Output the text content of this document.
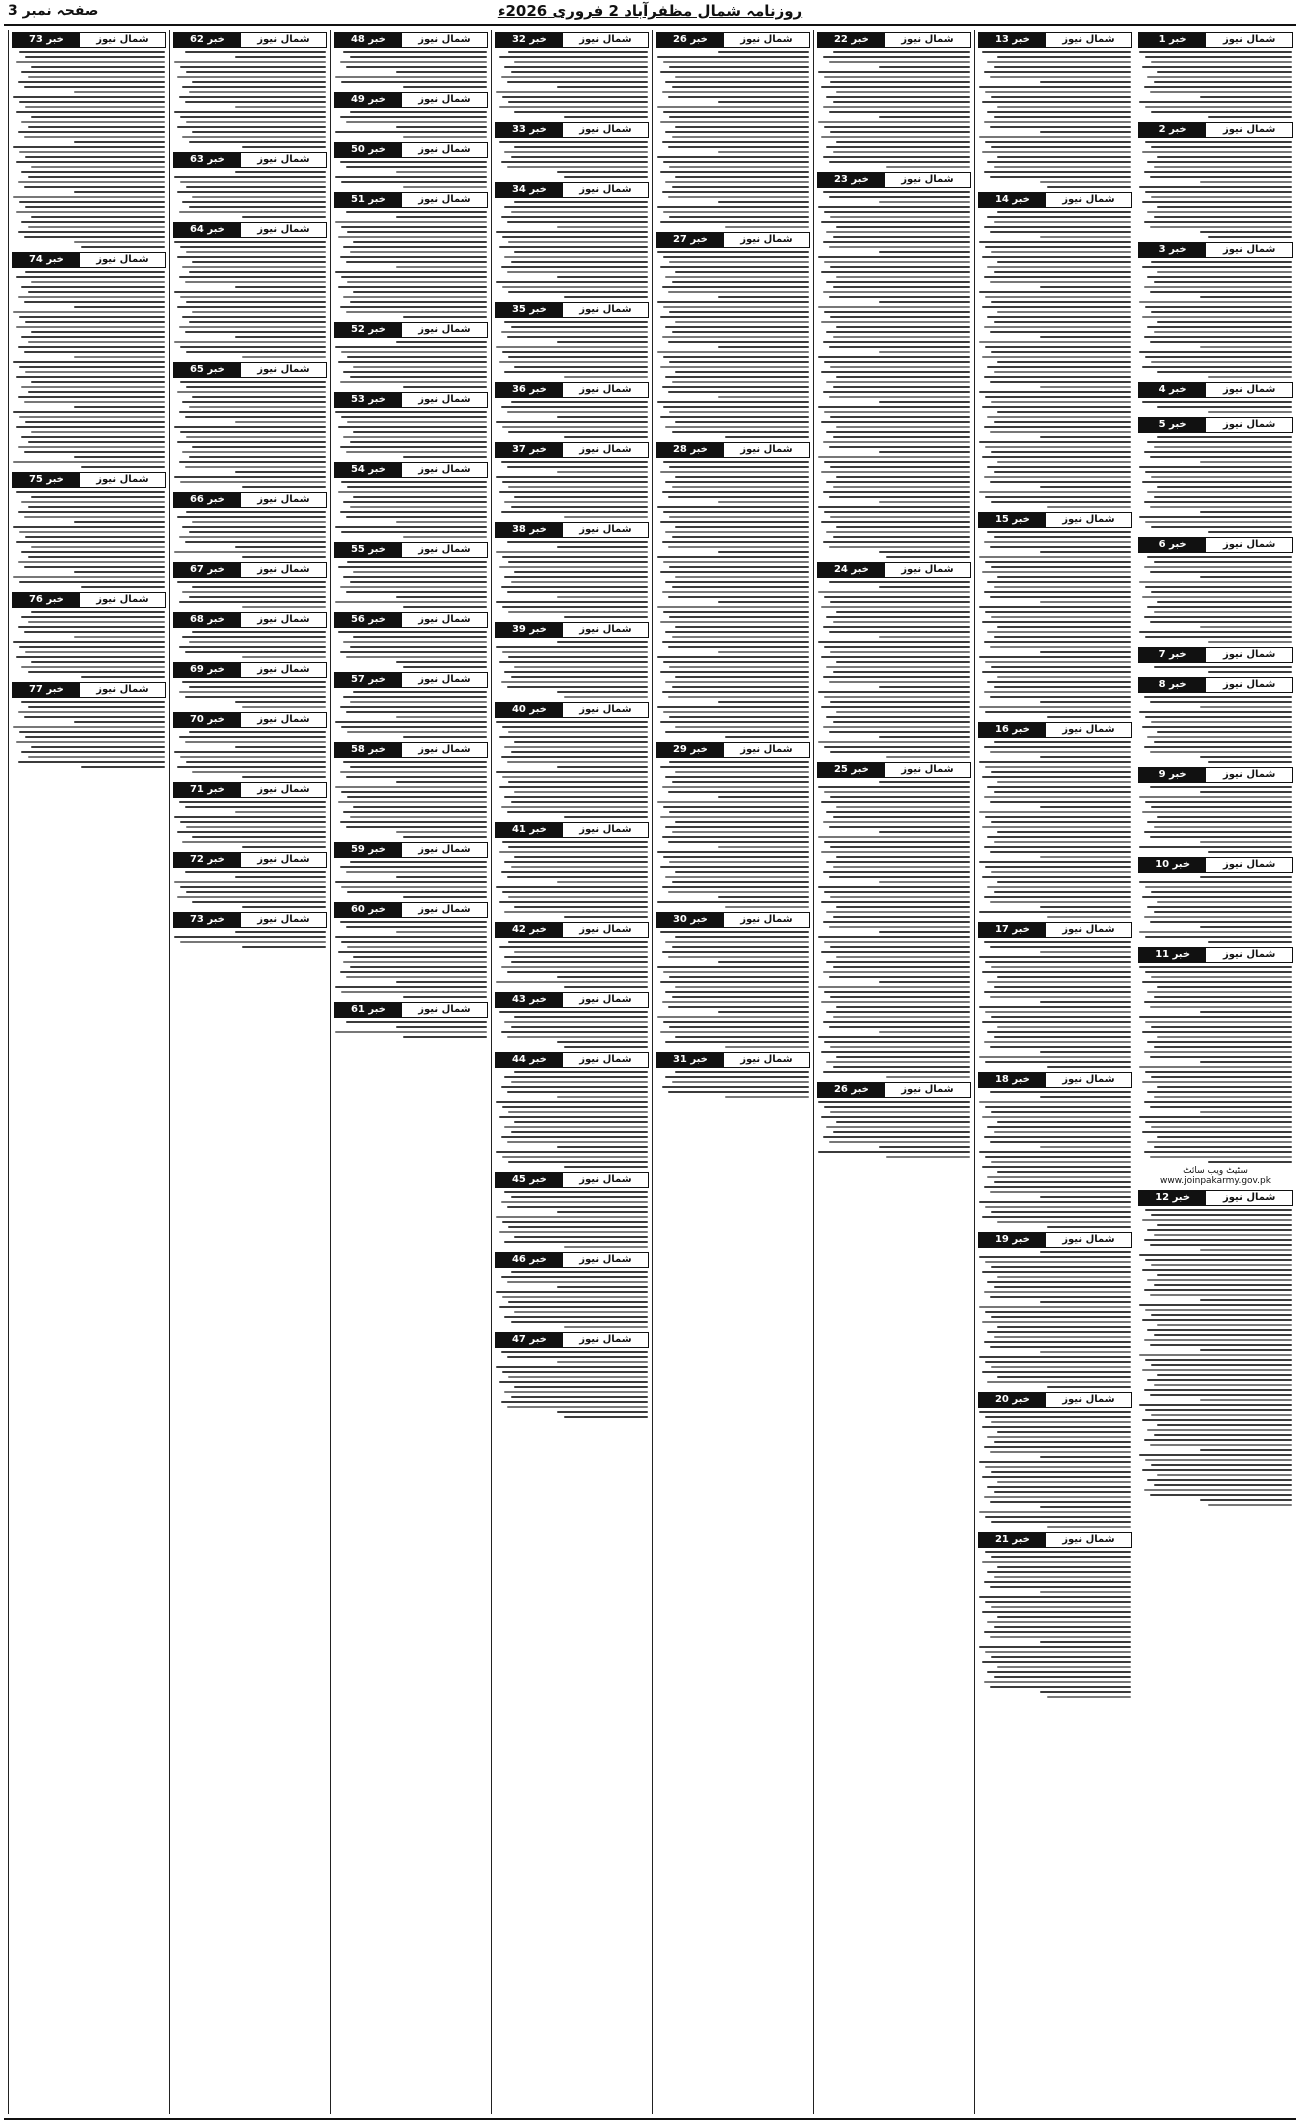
صفحہ نمبر 3	روزنامہ شمال مظفرآباد 2 فروری 2026ء
خبر 1	شمال نیوز
خبر 2	شمال نیوز
خبر 3	شمال نیوز
خبر 4	شمال نیوز
خبر 5	شمال نیوز
خبر 6	شمال نیوز
خبر 7	شمال نیوز
خبر 8	شمال نیوز
خبر 9	شمال نیوز
خبر 10	شمال نیوز
خبر 11	شمال نیوز
سٹیٹ ویب سائٹ www.joinpakarmy.gov.pk
خبر 12	شمال نیوز
خبر 13	شمال نیوز
خبر 14	شمال نیوز
خبر 15	شمال نیوز
خبر 16	شمال نیوز
خبر 17	شمال نیوز
خبر 18	شمال نیوز
خبر 19	شمال نیوز
خبر 20	شمال نیوز
خبر 21	شمال نیوز
خبر 22	شمال نیوز
خبر 23	شمال نیوز
خبر 24	شمال نیوز
خبر 25	شمال نیوز
خبر 26	شمال نیوز
خبر 26	شمال نیوز
خبر 27	شمال نیوز
خبر 28	شمال نیوز
خبر 29	شمال نیوز
خبر 30	شمال نیوز
خبر 31	شمال نیوز
خبر 32	شمال نیوز
خبر 33	شمال نیوز
خبر 34	شمال نیوز
خبر 35	شمال نیوز
خبر 36	شمال نیوز
خبر 37	شمال نیوز
خبر 38	شمال نیوز
خبر 39	شمال نیوز
خبر 40	شمال نیوز
خبر 41	شمال نیوز
خبر 42	شمال نیوز
خبر 43	شمال نیوز
خبر 44	شمال نیوز
خبر 45	شمال نیوز
خبر 46	شمال نیوز
خبر 47	شمال نیوز
خبر 48	شمال نیوز
خبر 49	شمال نیوز
خبر 50	شمال نیوز
خبر 51	شمال نیوز
خبر 52	شمال نیوز
خبر 53	شمال نیوز
خبر 54	شمال نیوز
خبر 55	شمال نیوز
خبر 56	شمال نیوز
خبر 57	شمال نیوز
خبر 58	شمال نیوز
خبر 59	شمال نیوز
خبر 60	شمال نیوز
خبر 61	شمال نیوز
خبر 62	شمال نیوز
خبر 63	شمال نیوز
خبر 64	شمال نیوز
خبر 65	شمال نیوز
خبر 66	شمال نیوز
خبر 67	شمال نیوز
خبر 68	شمال نیوز
خبر 69	شمال نیوز
خبر 70	شمال نیوز
خبر 71	شمال نیوز
خبر 72	شمال نیوز
خبر 73	شمال نیوز
خبر 73	شمال نیوز
خبر 74	شمال نیوز
خبر 75	شمال نیوز
خبر 76	شمال نیوز
خبر 77	شمال نیوز
